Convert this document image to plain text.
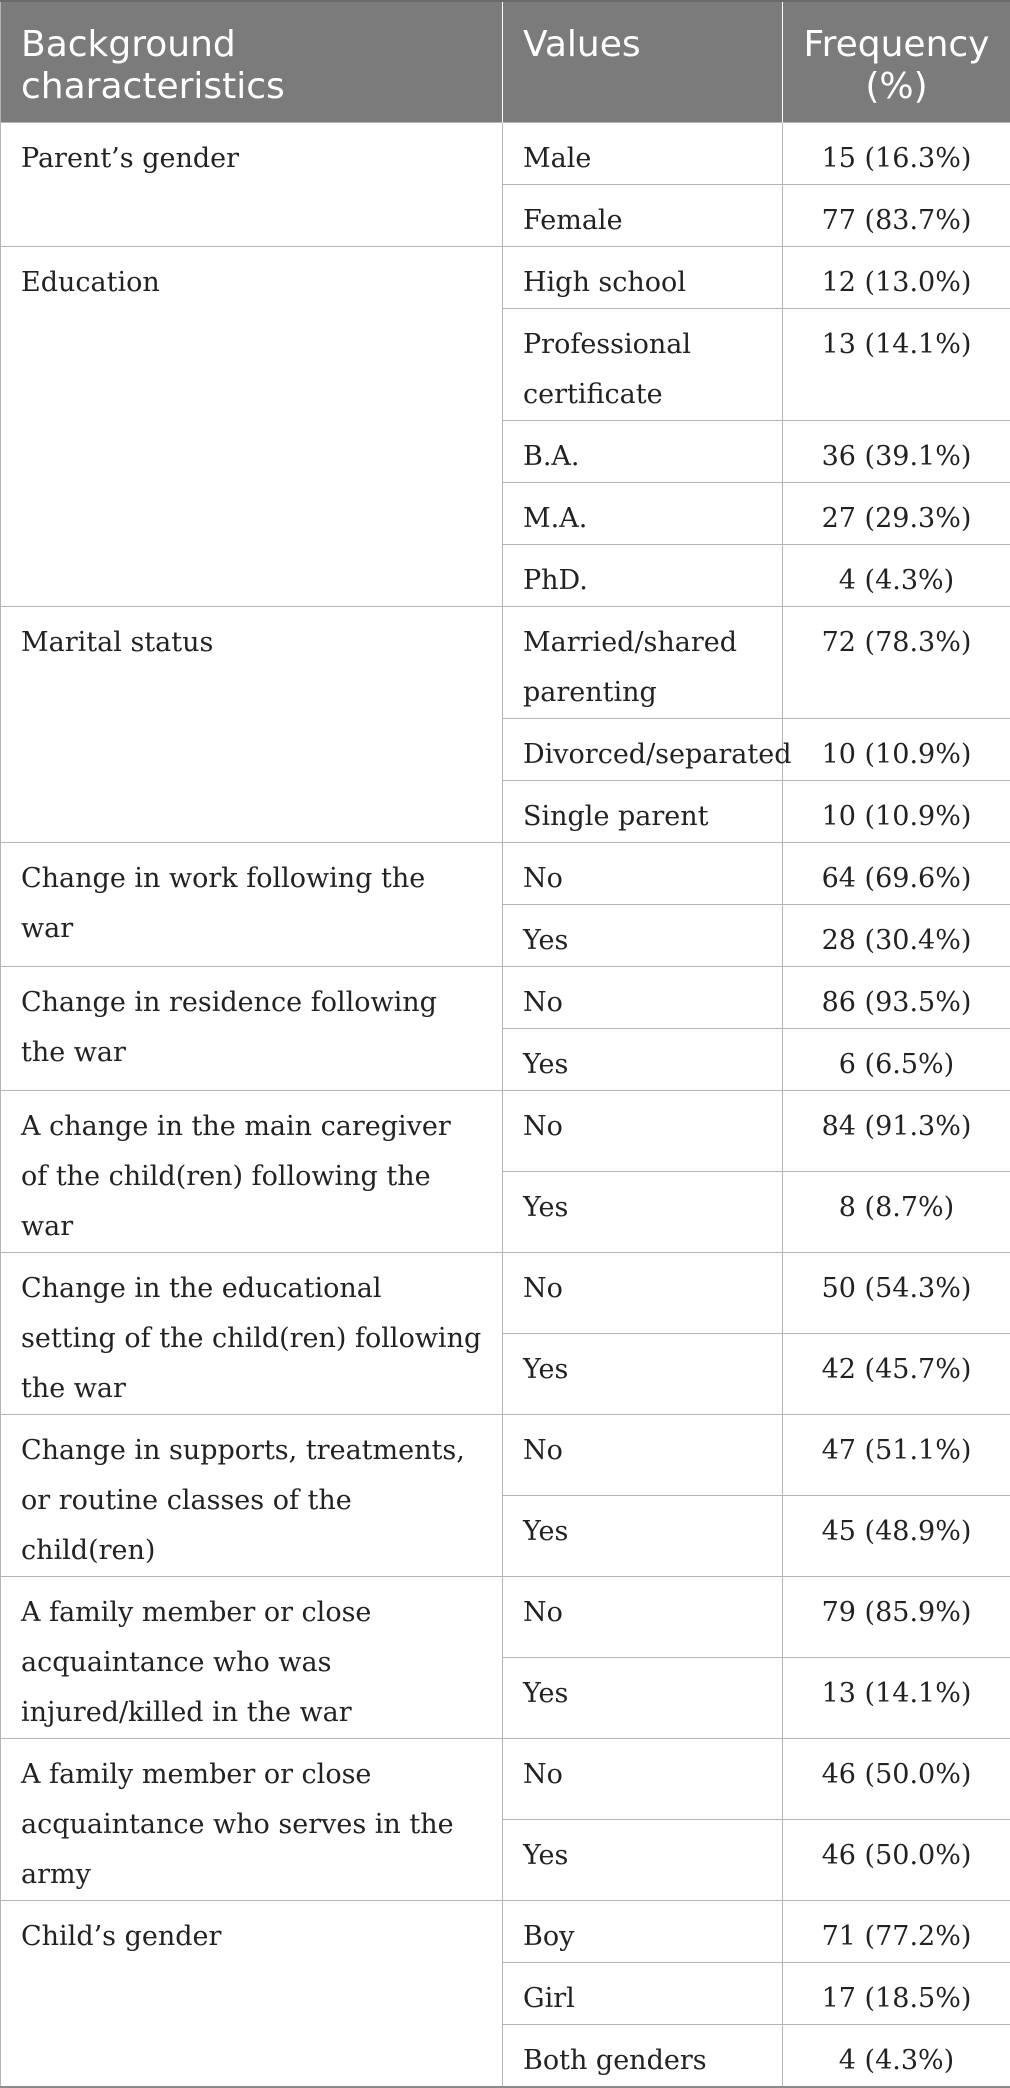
Background characteristics	Values	Frequency (%)
Parent’s gender	Male	15 (16.3%)
	Female	77 (83.7%)
Education	High school	12 (13.0%)
	Professional certificate	13 (14.1%)
	B.A.	36 (39.1%)
	M.A.	27 (29.3%)
	PhD.	4 (4.3%)
Marital status	Married/shared parenting	72 (78.3%)
	Divorced/separated	10 (10.9%)
	Single parent	10 (10.9%)
Change in work following the war	No	64 (69.6%)
	Yes	28 (30.4%)
Change in residence following the war	No	86 (93.5%)
	Yes	6 (6.5%)
A change in the main caregiver of the child(ren) following the war	No	84 (91.3%)
	Yes	8 (8.7%)
Change in the educational setting of the child(ren) following the war	No	50 (54.3%)
	Yes	42 (45.7%)
Change in supports, treatments, or routine classes of the child(ren)	No	47 (51.1%)
	Yes	45 (48.9%)
A family member or close acquaintance who was injured/killed in the war	No	79 (85.9%)
	Yes	13 (14.1%)
A family member or close acquaintance who serves in the army	No	46 (50.0%)
	Yes	46 (50.0%)
Child’s gender	Boy	71 (77.2%)
	Girl	17 (18.5%)
	Both genders	4 (4.3%)
